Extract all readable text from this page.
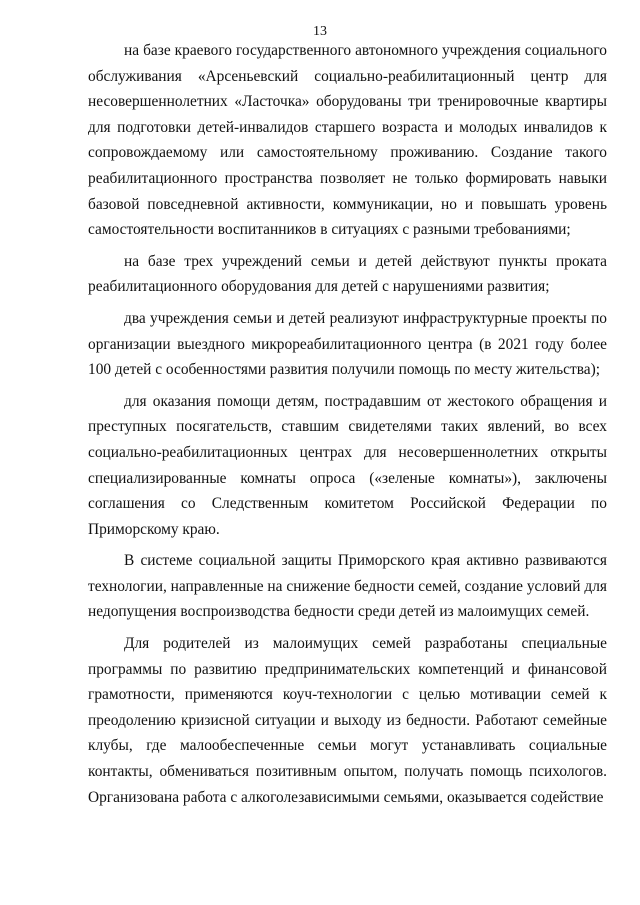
13

на базе краевого государственного автономного учреждения социального обслуживания «Арсеньевский социально-реабилитационный центр для несовершеннолетних «Ласточка» оборудованы три тренировочные квартиры для подготовки детей-инвалидов старшего возраста и молодых инвалидов к сопровождаемому или самостоятельному проживанию. Создание такого реабилитационного пространства позволяет не только формировать навыки базовой повседневной активности, коммуникации, но и повышать уровень самостоятельности воспитанников в ситуациях с разными требованиями;

на базе трех учреждений семьи и детей действуют пункты проката реабилитационного оборудования для детей с нарушениями развития;

два учреждения семьи и детей реализуют инфраструктурные проекты по организации выездного микрореабилитационного центра (в 2021 году более 100 детей с особенностями развития получили помощь по месту жительства);

для оказания помощи детям, пострадавшим от жестокого обращения и преступных посягательств, ставшим свидетелями таких явлений, во всех социально-реабилитационных центрах для несовершеннолетних открыты специализированные комнаты опроса («зеленые комнаты»), заключены соглашения со Следственным комитетом Российской Федерации по Приморскому краю.

В системе социальной защиты Приморского края активно развиваются технологии, направленные на снижение бедности семей, создание условий для недопущения воспроизводства бедности среди детей из малоимущих семей.

Для родителей из малоимущих семей разработаны специальные программы по развитию предпринимательских компетенций и финансовой грамотности, применяются коуч-технологии с целью мотивации семей к преодолению кризисной ситуации и выходу из бедности. Работают семейные клубы, где малообеспеченные семьи могут устанавливать социальные контакты, обмениваться позитивным опытом, получать помощь психологов. Организована работа с алкоголезависимыми семьями, оказывается содействие
